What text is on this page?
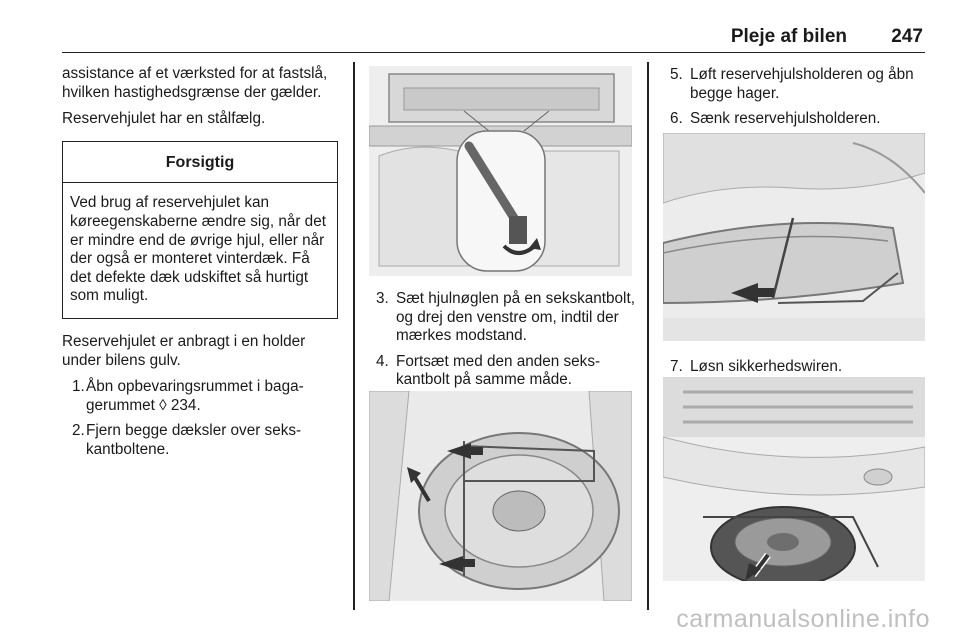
Pleje af bilen 247

assistance af et værksted for at fastslå, hvilken hastighedsgrænse der gælder.

Reservehjulet har en stålfælg.

Forsigtig
Ved brug af reservehjulet kan køreegenskaberne ændre sig, når det er mindre end de øvrige hjul, eller når der også er monteret vinterdæk. Få det defekte dæk udskiftet så hurtigt som muligt.

Reservehjulet er anbragt i en holder under bilens gulv.

1. Åbn opbevaringsrummet i bagagerummet ◊ 234.
2. Fjern begge dæksler over sekskantboltene.
3. Sæt hjulnøglen på en sekskantbolt, og drej den venstre om, indtil der mærkes modstand.
4. Fortsæt med den anden sekskantbolt på samme måde.
5. Løft reservehjulsholderen og åbn begge hager.
6. Sænk reservehjulsholderen.
7. Løsn sikkerhedswiren.
carmanualsonline.info
